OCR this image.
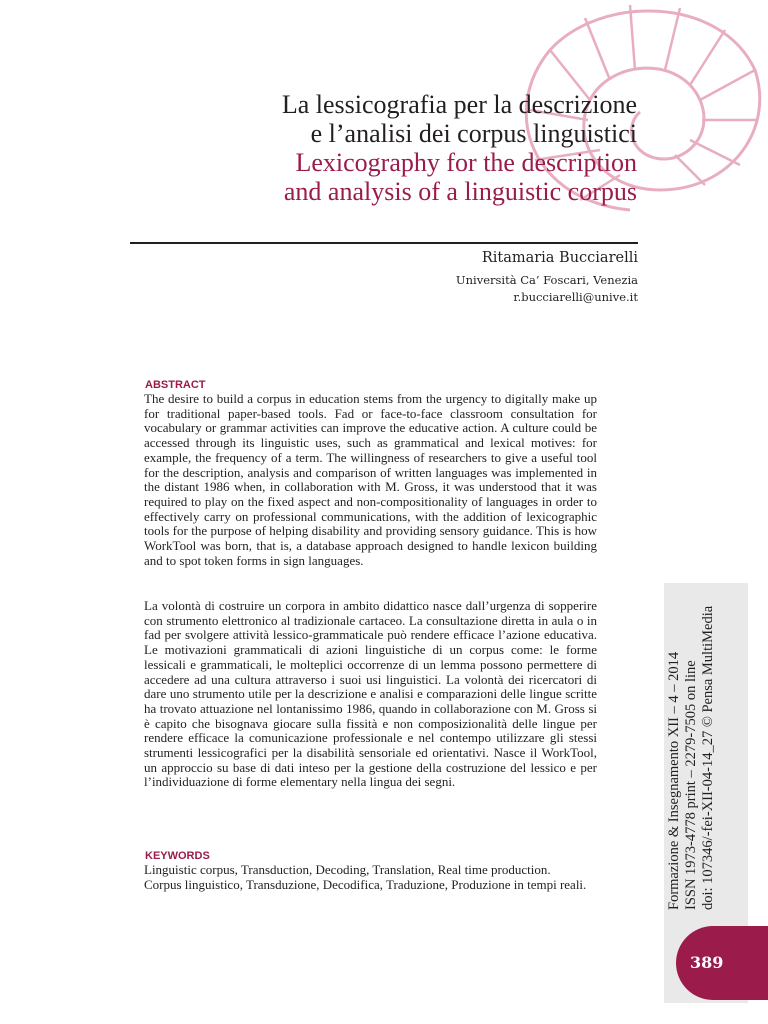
La lessicografia per la descrizione
e l’analisi dei corpus linguistici
Lexicography for the description
and analysis of a linguistic corpus
Ritamaria Bucciarelli
Università Ca’ Foscari, Venezia
r.bucciarelli@unive.it
ABSTRACT
The desire to build a corpus in education stems from the urgency to digitally make up for traditional paper-based tools. Fad or face-to-face classroom consultation for vocabulary or grammar activities can improve the educative action. A culture could be accessed through its linguistic uses, such as grammatical and lexical motives: for example, the frequency of a term. The willingness of researchers to give a useful tool for the description, analysis and comparison of written languages was implemented in the distant 1986 when, in collaboration with M. Gross, it was understood that it was required to play on the fixed aspect and non-compositionality of languages in order to effectively carry on professional communications, with the addition of lexicographic tools for the purpose of helping disability and providing sensory guidance. This is how WorkTool was born, that is, a database approach designed to handle lexicon building and to spot token forms in sign languages.
La volontà di costruire un corpora in ambito didattico nasce dall’urgenza di sopperire con strumento elettronico al tradizionale cartaceo. La consultazione diretta in aula o in fad per svolgere attività lessico-grammaticale può rendere efficace l’azione educativa. Le motivazioni grammaticali di azioni linguistiche di un corpus come: le forme lessicali e grammaticali, le molteplici occorrenze di un lemma possono permettere di accedere ad una cultura attraverso i suoi usi linguistici. La volontà dei ricercatori di dare uno strumento utile per la descrizione e analisi e comparazioni delle lingue scritte ha trovato attuazione nel lontanissimo 1986, quando in collaborazione con M. Gross si è capito che bisognava giocare sulla fissità e non composizionalità delle lingue per rendere efficace la comunicazione professionale e nel contempo utilizzare gli stessi strumenti lessicografici per la disabilità sensoriale ed orientativi. Nasce il WorkTool, un approccio su base di dati inteso per la gestione della costruzione del lessico e per l’individuazione di forme elementary nella lingua dei segni.
KEYWORDS
Linguistic corpus, Transduction, Decoding, Translation, Real time production.
Corpus linguistico, Transduzione, Decodifica, Traduzione, Produzione in tempi reali.	Formazione & Insegnamento XII – 4 – 2014 ISSN 1973-4778 print – 2279-7505 on line doi: 107346/-fei-XII-04-14_27 © Pensa MultiMedia
389
